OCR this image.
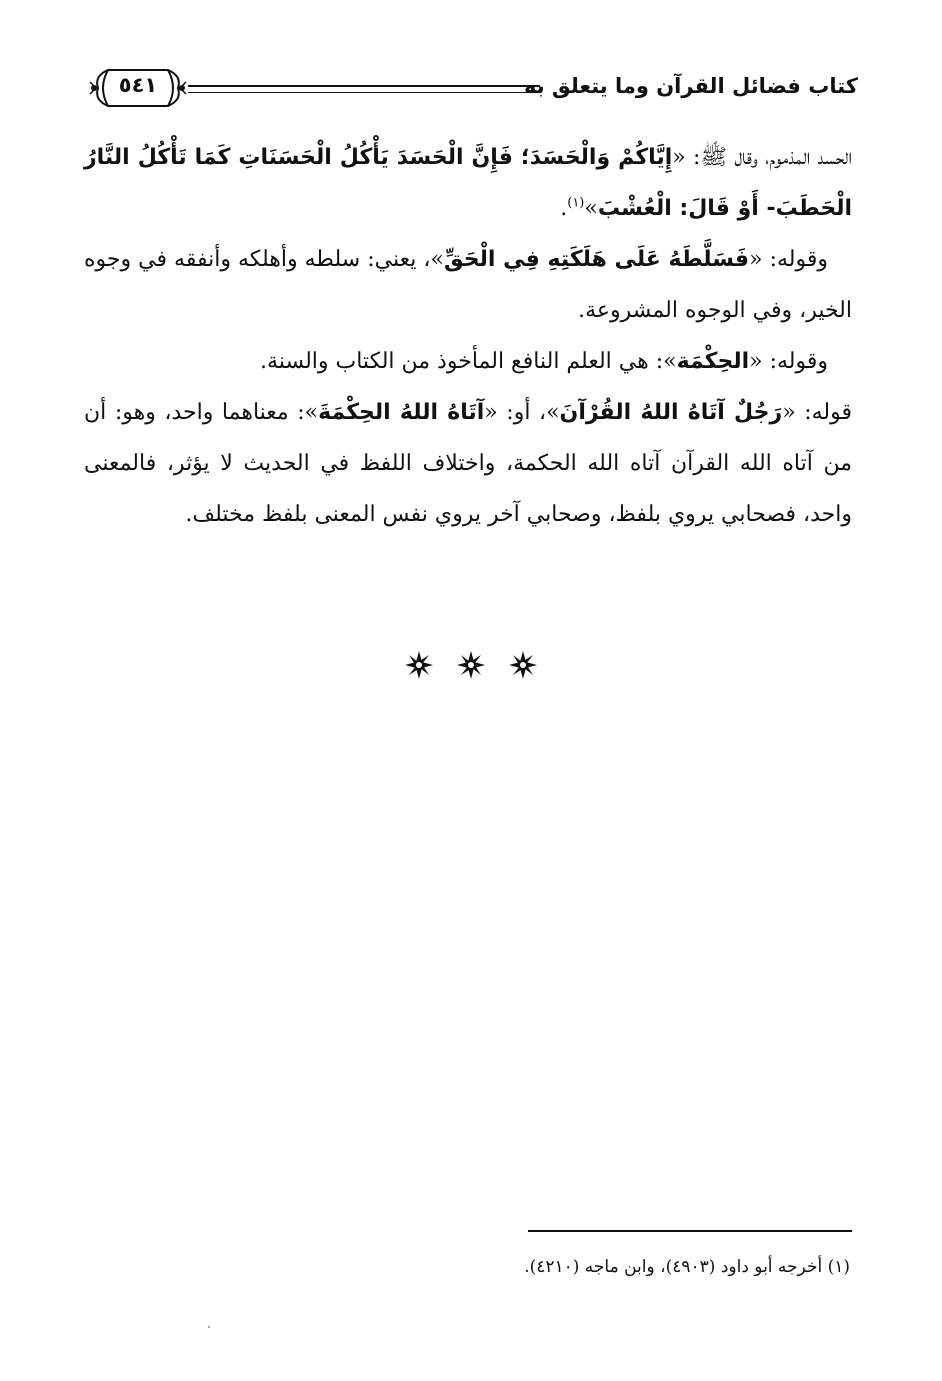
كتاب فضائل القرآن وما يتعلق به
٥٤١

الحسد المذموم، وقال ﷺ: «إِيَّاكُمْ وَالْحَسَدَ؛ فَإِنَّ الْحَسَدَ يَأْكُلُ الْحَسَنَاتِ كَمَا تَأْكُلُ النَّارُ الْحَطَبَ- أَوْ قَالَ: الْعُشْبَ»$^{(١)}$.

وقوله: «فَسَلَّطَهُ عَلَى هَلَكَتِهِ فِي الْحَقِّ»، يعني: سلطه وأهلكه وأنفقه في وجوه الخير، وفي الوجوه المشروعة.

وقوله: «الحِكْمَة»: هي العلم النافع المأخوذ من الكتاب والسنة.

قوله: «رَجُلٌ آتَاهُ اللهُ القُرْآنَ»، أو: «آتَاهُ اللهُ الحِكْمَةَ»: معناهما واحد، وهو: أن من آتاه الله القرآن آتاه الله الحكمة، واختلاف اللفظ في الحديث لا يؤثر، فالمعنى واحد، فصحابي يروي بلفظ، وصحابي آخر يروي نفس المعنى بلفظ مختلف.

(١) أخرجه أبو داود (٤٩٠٣)، وابن ماجه (٤٢١٠).
